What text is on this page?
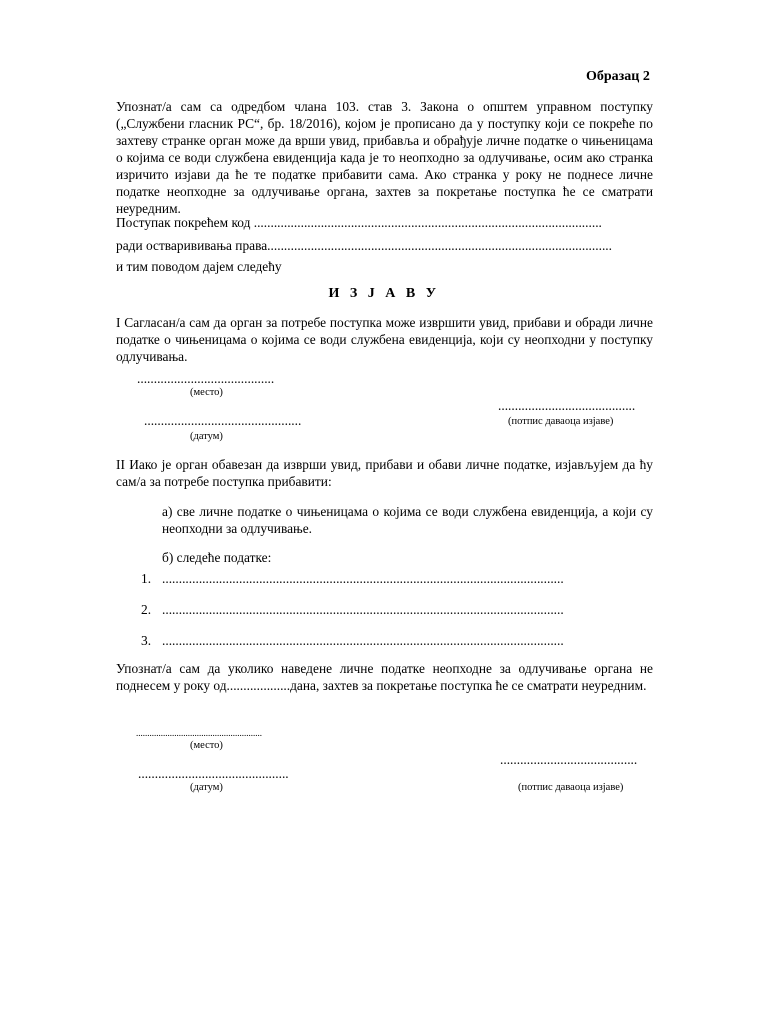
Образац 2
Упознат/а сам са одредбом члана 103. став 3. Закона о општем управном поступку („Службени гласник РС“, бр. 18/2016), којом је прописано да у поступку који се покреће по захтеву странке орган може да врши увид, прибавља и обрађује личне податке о чињеницама о којима се води службена евиденција када је то неопходно за одлучивање, осим ако странка изричито изјави да ће те податке прибавити сама. Ако странка у року не поднесе личне податке неопходне за одлучивање органа, захтев за покретање поступка ће се сматрати неуредним.
Поступак покрећем код ........................................................................................................
ради остварививања права.......................................................................................................
и тим поводом дајем следећу
И З Ј А В У
I Сагласан/а сам да орган за потребе поступка може извршити увид, прибави и обради личне податке о чињеницама о којима се води службена евиденција, који су неопходни у поступку одлучивања.
.........................................
(место)
.........................................
...............................................	(потпис даваоца изјаве)
(датум)
II Иако је орган обавезан да изврши увид, прибави и обави личне податке, изјављујем да ћу сам/а за потребе поступка прибавити:
а) све личне податке о чињеницама о којима се води службена евиденција, а који су неопходни за одлучивање.
б) следеће податке:
1. ........................................................................................................................
2. ........................................................................................................................
3. ........................................................................................................................
Упознат/а сам да уколико наведене личне податке неопходне за одлучивање органа не поднесем у року од...................дана, захтев за покретање поступка ће се сматрати неуредним.
........................................................
(место)
.........................................
.............................................
(датум)	(потпис даваоца изјаве)
